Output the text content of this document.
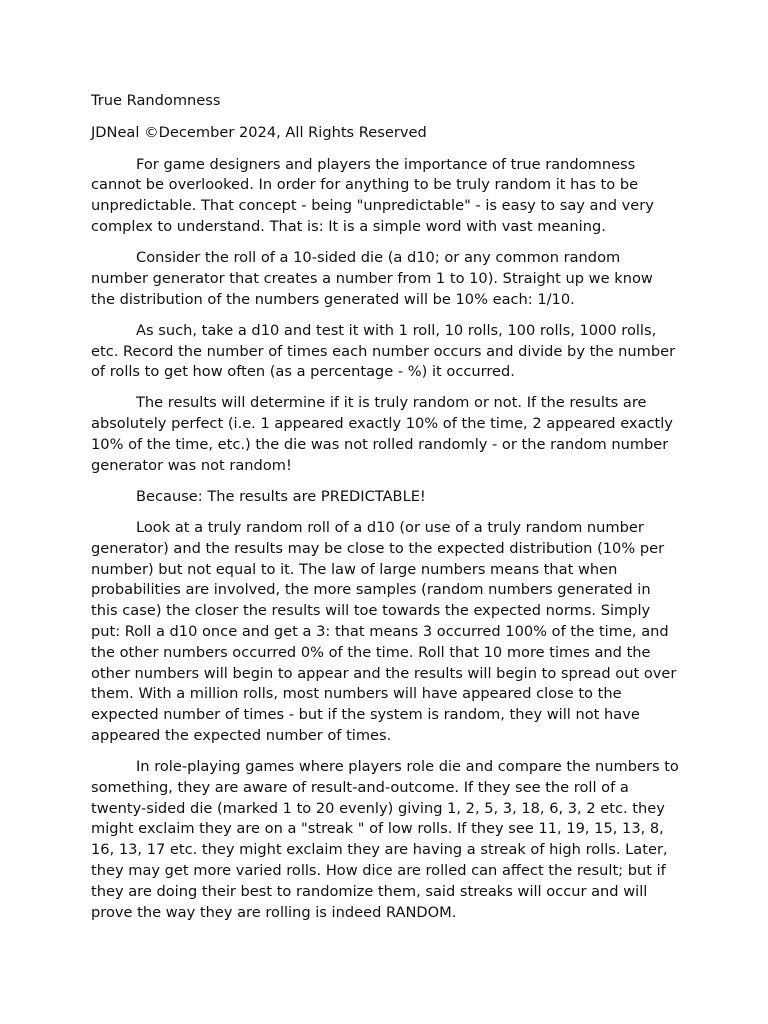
True Randomness

JDNeal ©December 2024, All Rights Reserved

For game designers and players the importance of true randomness cannot be overlooked. In order for anything to be truly random it has to be unpredictable. That concept - being "unpredictable" - is easy to say and very complex to understand. That is: It is a simple word with vast meaning.

Consider the roll of a 10-sided die (a d10; or any common random number generator that creates a number from 1 to 10). Straight up we know the distribution of the numbers generated will be 10% each: 1/10.

As such, take a d10 and test it with 1 roll, 10 rolls, 100 rolls, 1000 rolls, etc. Record the number of times each number occurs and divide by the number of rolls to get how often (as a percentage - %) it occurred.

The results will determine if it is truly random or not. If the results are absolutely perfect (i.e. 1 appeared exactly 10% of the time, 2 appeared exactly 10% of the time, etc.) the die was not rolled randomly - or the random number generator was not random!

Because: The results are PREDICTABLE!

Look at a truly random roll of a d10 (or use of a truly random number generator) and the results may be close to the expected distribution (10% per number) but not equal to it. The law of large numbers means that when probabilities are involved, the more samples (random numbers generated in this case) the closer the results will toe towards the expected norms. Simply put: Roll a d10 once and get a 3: that means 3 occurred 100% of the time, and the other numbers occurred 0% of the time. Roll that 10 more times and the other numbers will begin to appear and the results will begin to spread out over them. With a million rolls, most numbers will have appeared close to the expected number of times - but if the system is random, they will not have appeared the expected number of times.

In role-playing games where players role die and compare the numbers to something, they are aware of result-and-outcome. If they see the roll of a twenty-sided die (marked 1 to 20 evenly) giving 1, 2, 5, 3, 18, 6, 3, 2 etc. they might exclaim they are on a "streak " of low rolls. If they see 11, 19, 15, 13, 8, 16, 13, 17 etc. they might exclaim they are having a streak of high rolls. Later, they may get more varied rolls. How dice are rolled can affect the result; but if they are doing their best to randomize them, said streaks will occur and will prove the way they are rolling is indeed RANDOM.
